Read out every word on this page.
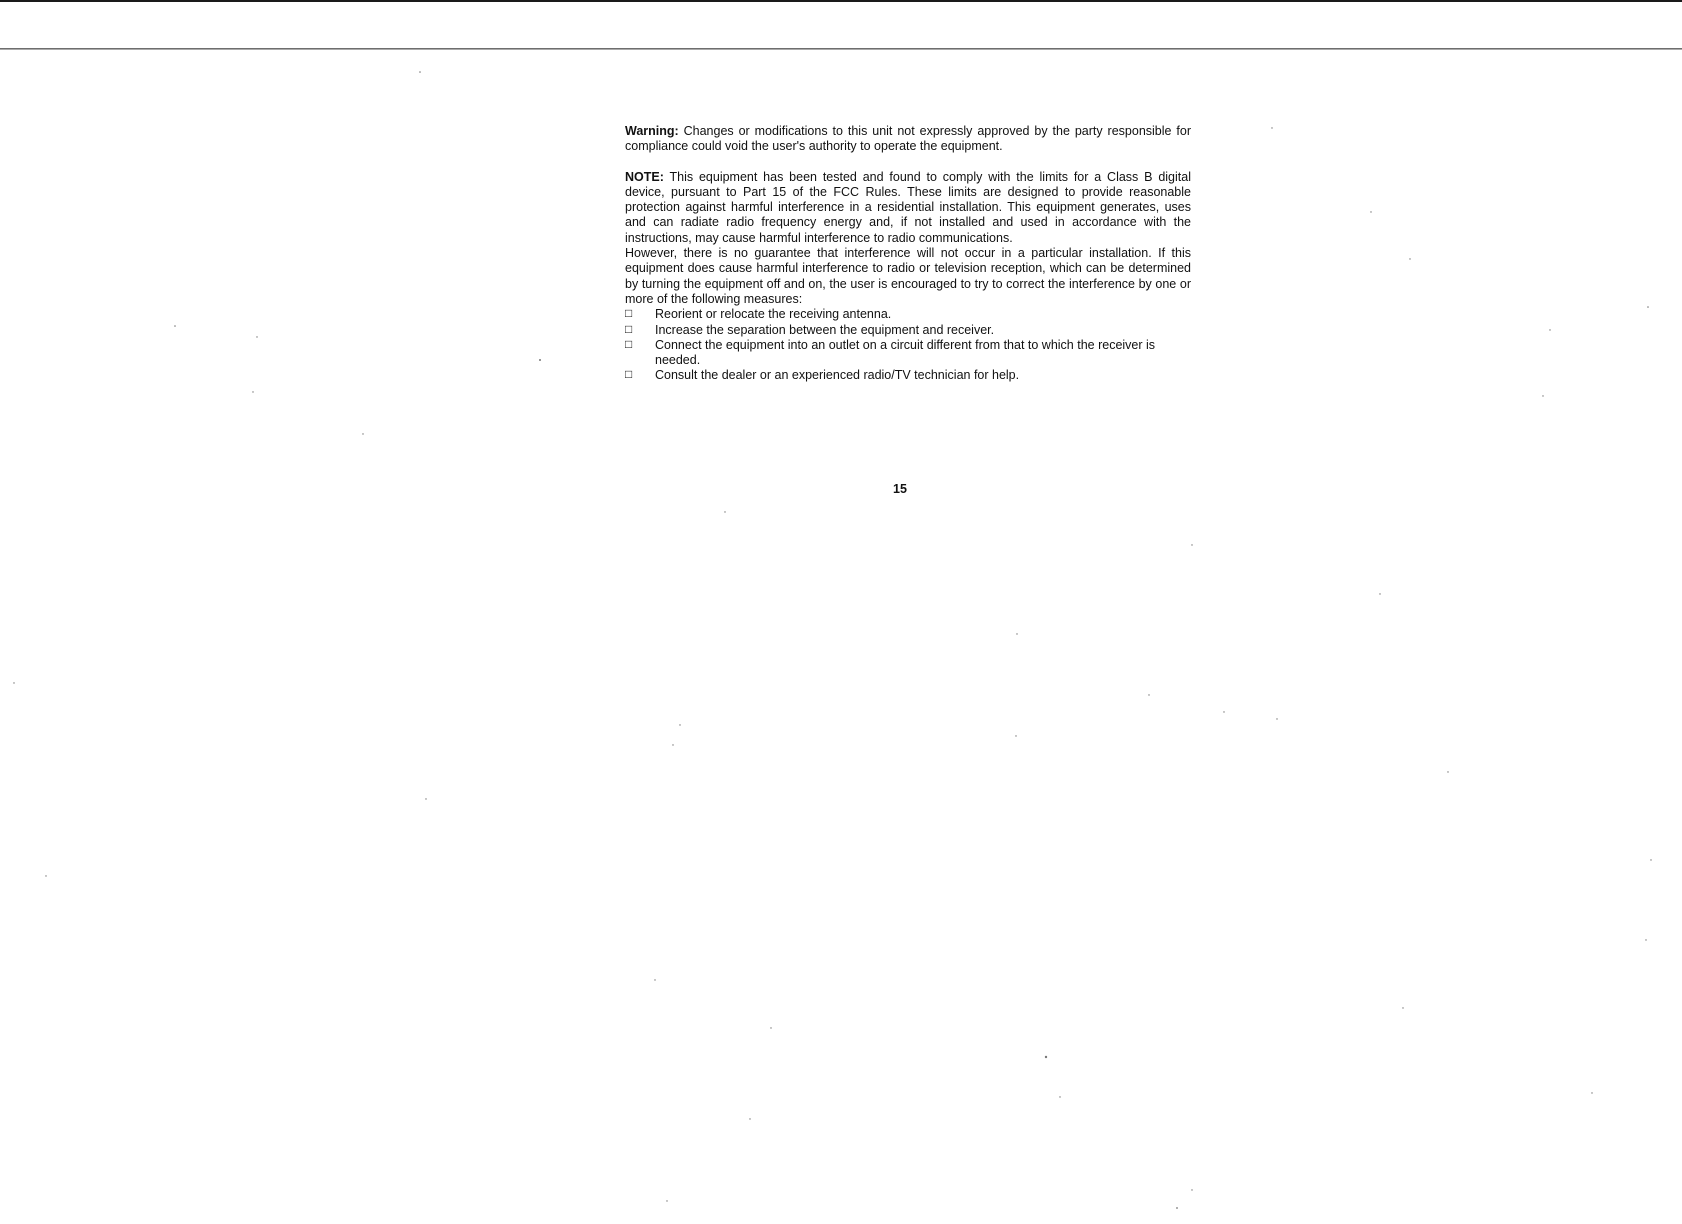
Warning: Changes or modifications to this unit not expressly approved by the party responsible for compliance could void the user's authority to operate the equipment.

NOTE: This equipment has been tested and found to comply with the limits for a Class B digital device, pursuant to Part 15 of the FCC Rules. These limits are designed to provide reasonable protection against harmful interference in a residential installation. This equipment generates, uses and can radiate radio frequency energy and, if not installed and used in accordance with the instructions, may cause harmful interference to radio communications.

However, there is no guarantee that interference will not occur in a particular installation. If this equipment does cause harmful interference to radio or television reception, which can be determined by turning the equipment off and on, the user is encouraged to try to correct the interference by one or more of the following measures:

□	Reorient or relocate the receiving antenna.
□	Increase the separation between the equipment and receiver.
□	Connect the equipment into an outlet on a circuit different from that to which the receiver is needed.
□	Consult the dealer or an experienced radio/TV technician for help.
15
